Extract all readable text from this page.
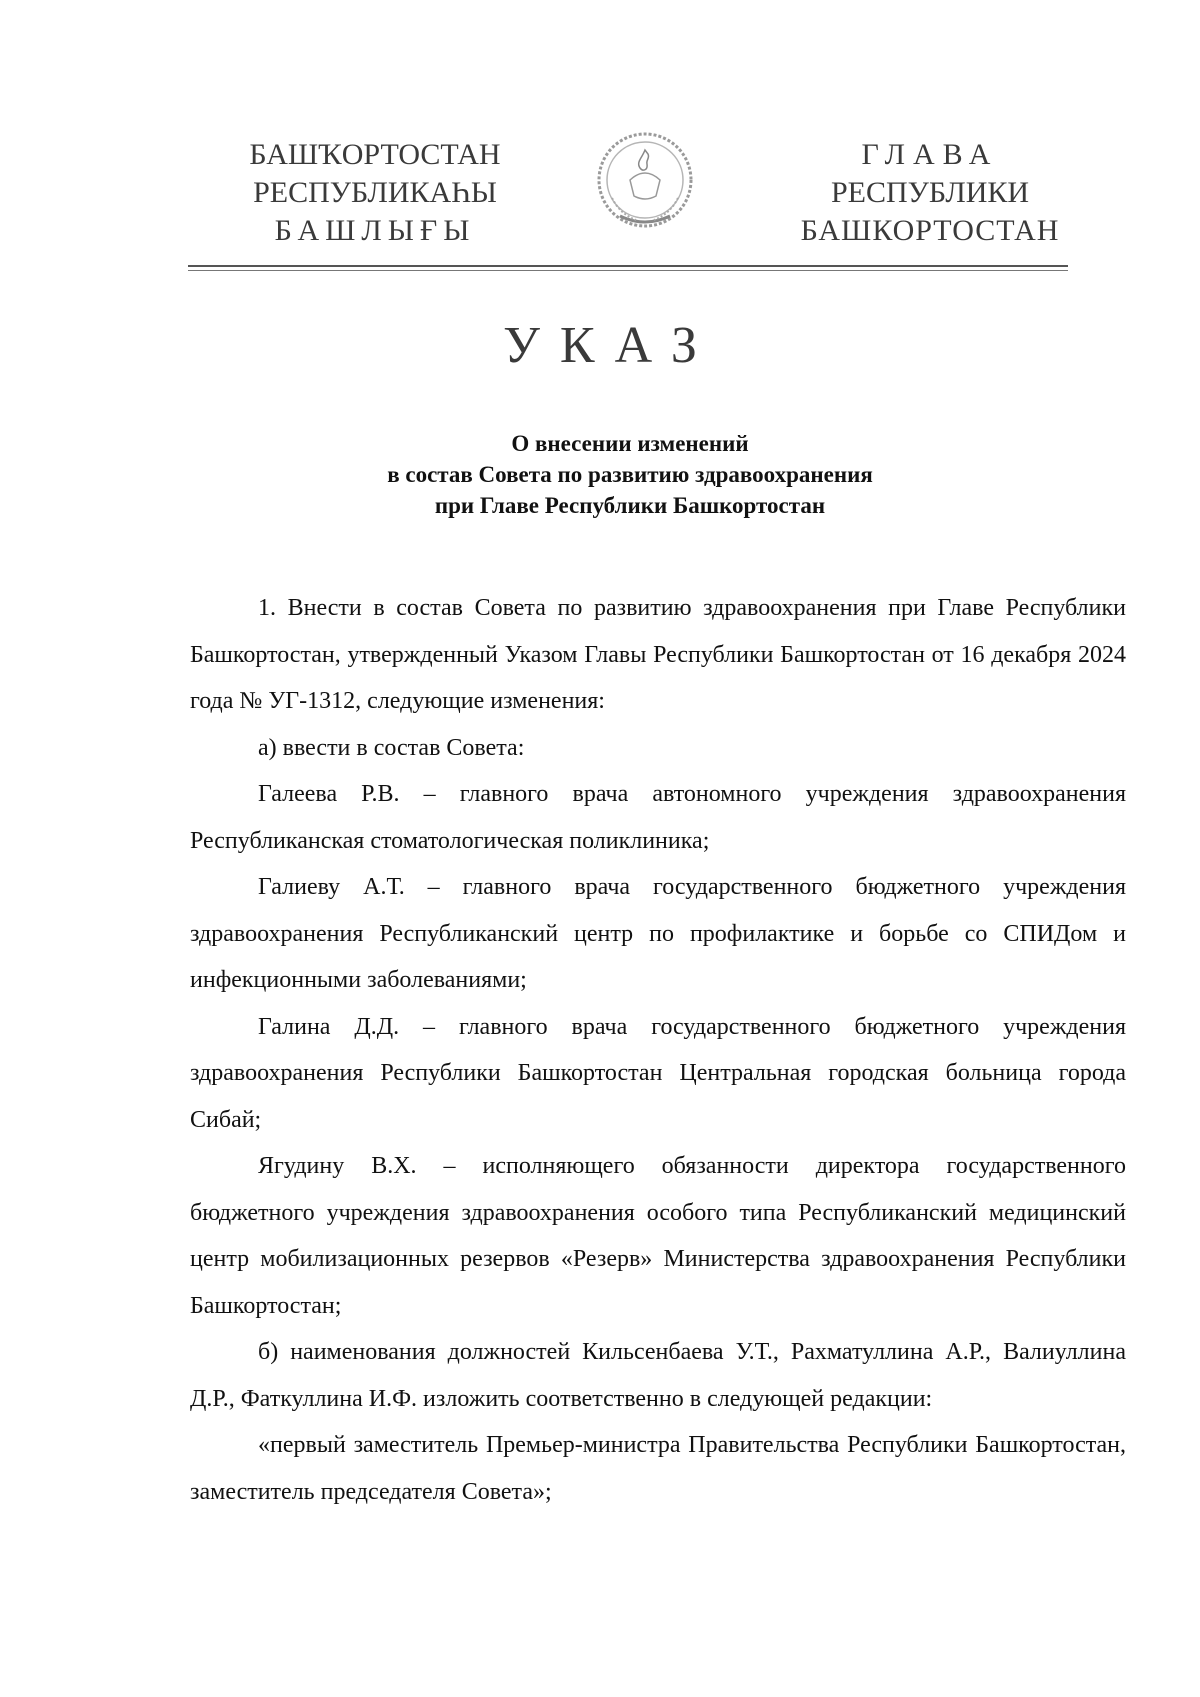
БАШҠОРТОСТАН
РЕСПУБЛИКАҺЫ
БАШЛЫҒЫ
ГЛАВА
РЕСПУБЛИКИ
БАШКОРТОСТАН
УКАЗ
О внесении изменений
в состав Совета по развитию здравоохранения
при Главе Республики Башкортостан

1. Внести в состав Совета по развитию здравоохранения при Главе Республики Башкортостан, утвержденный Указом Главы Республики Башкортостан от 16 декабря 2024 года № УГ-1312, следующие изменения:

а) ввести в состав Совета:

Галеева Р.В. – главного врача автономного учреждения здравоохранения Республиканская стоматологическая поликлиника;

Галиеву А.Т. – главного врача государственного бюджетного учреждения здравоохранения Республиканский центр по профилактике и борьбе со СПИДом и инфекционными заболеваниями;

Галина Д.Д. – главного врача государственного бюджетного учреждения здравоохранения Республики Башкортостан Центральная городская больница города Сибай;

Ягудину В.Х. – исполняющего обязанности директора государственного бюджетного учреждения здравоохранения особого типа Республиканский медицинский центр мобилизационных резервов «Резерв» Министерства здравоохранения Республики Башкортостан;

б) наименования должностей Кильсенбаева У.Т., Рахматуллина А.Р., Валиуллина Д.Р., Фаткуллина И.Ф. изложить соответственно в следующей редакции:

«первый заместитель Премьер-министра Правительства Республики Башкортостан, заместитель председателя Совета»;
